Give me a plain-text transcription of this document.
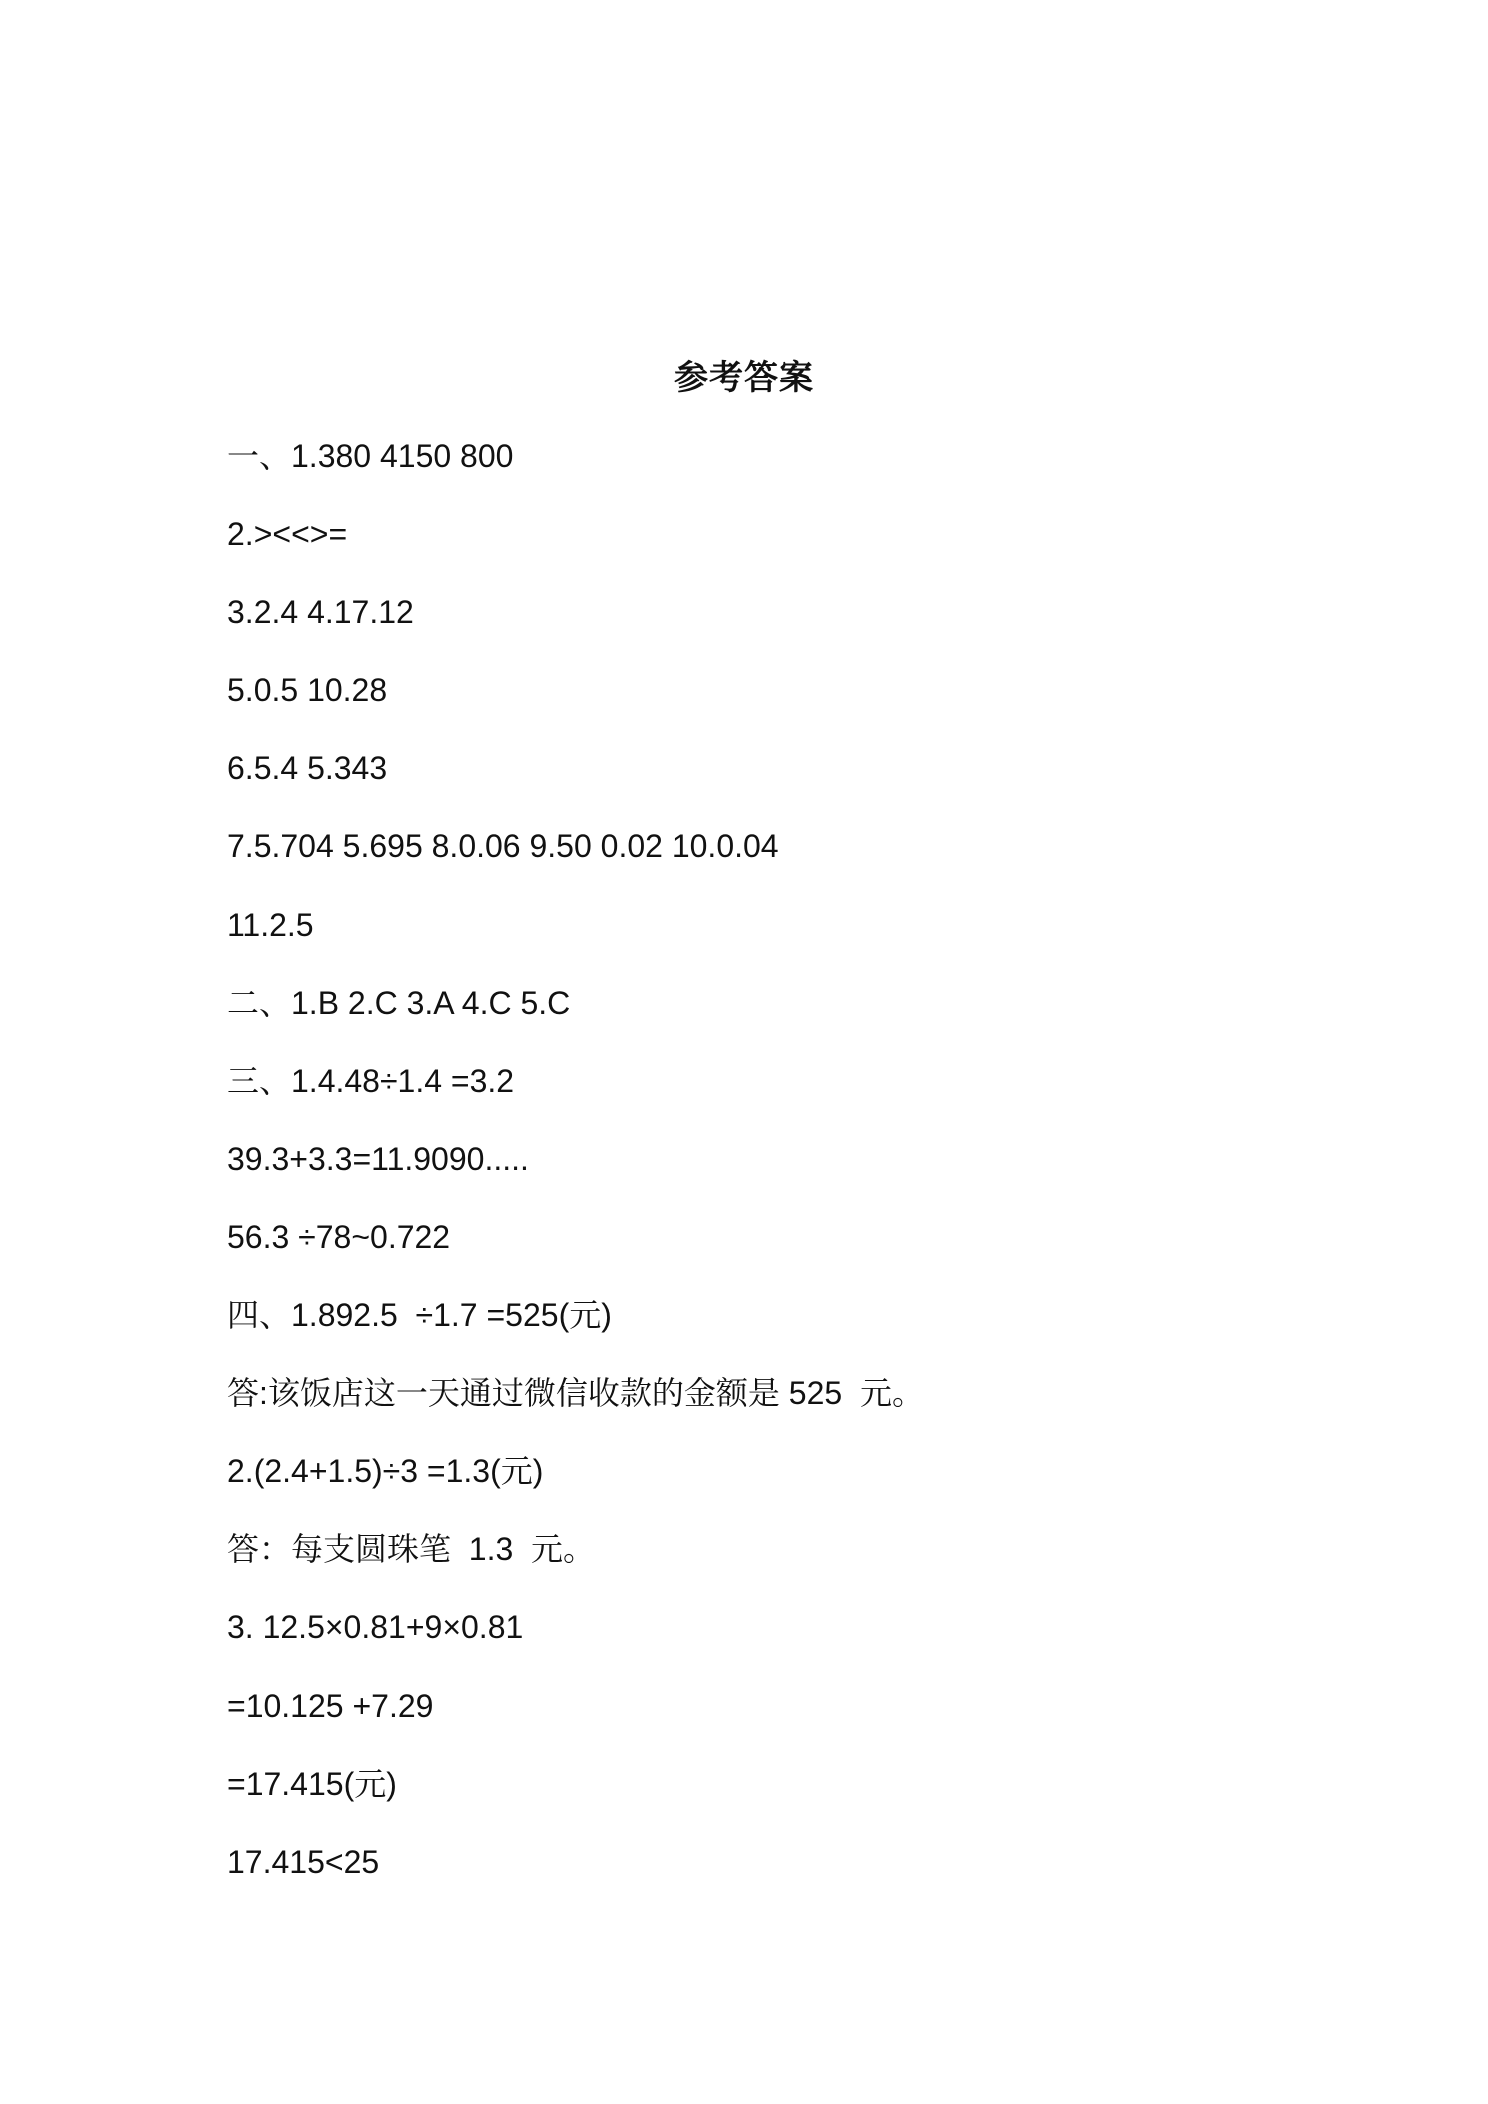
参考答案
一、1.380 4150 800
2.><<>=
3.2.4 4.17.12
5.0.5 10.28
6.5.4 5.343
7.5.704 5.695 8.0.06 9.50 0.02 10.0.04
11.2.5
二、1.B 2.C 3.A 4.C 5.C
三、1.4.48÷1.4 =3.2
39.3+3.3=11.9090.....
56.3 ÷78~0.722
四、1.892.5  ÷1.7 =525(元)
答:该饭店这一天通过微信收款的金额是 525  元。
2.(2.4+1.5)÷3 =1.3(元)
答：每支圆珠笔  1.3  元。
3. 12.5×0.81+9×0.81
=10.125 +7.29
=17.415(元)
17.415<25
